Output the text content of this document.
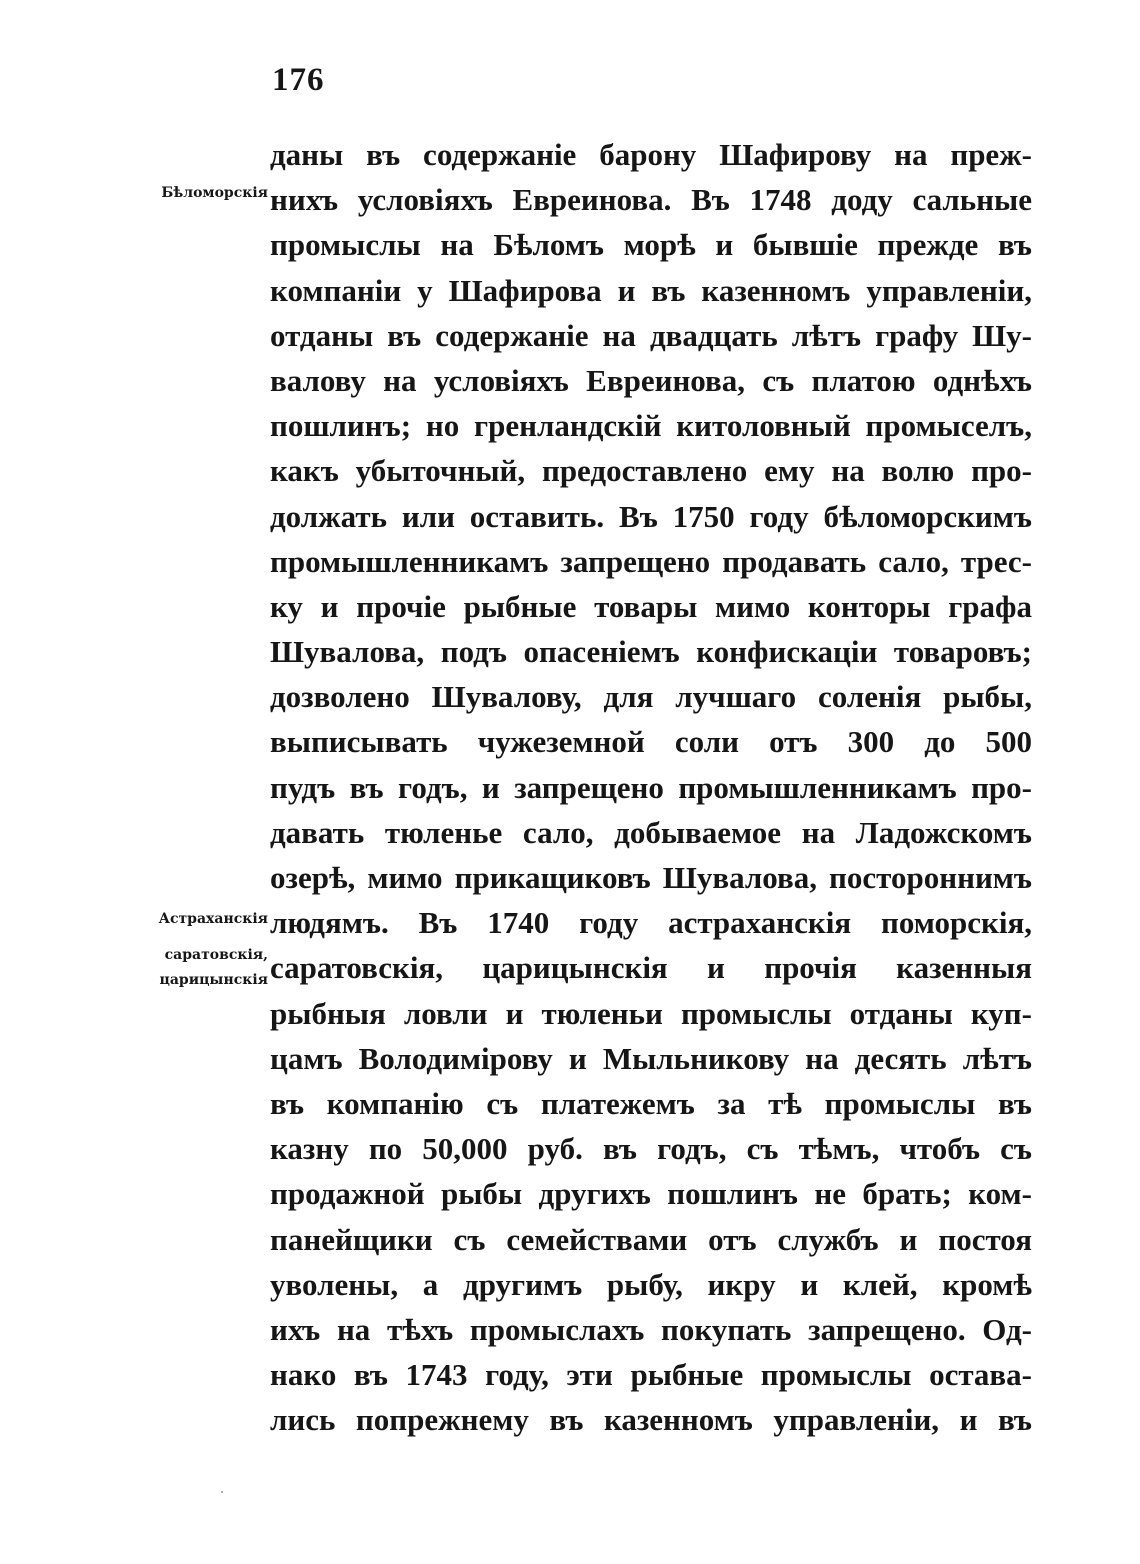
176
Бѣломорскія
Астраханскія
саратовскія,
царицынскія
даны въ содержаніе барону Шафирову на преж-
нихъ условіяхъ Евреинова. Въ 1748 доду сальные
промыслы на Бѣломъ морѣ и бывшіе прежде въ
компаніи у Шафирова и въ казенномъ управленіи,
отданы въ содержаніе на двадцать лѣтъ графу Шу-
валову на условіяхъ Евреинова, съ платою однѣхъ
пошлинъ; но гренландскій китоловный промыселъ,
какъ убыточный, предоставлено ему на волю про-
должать или оставить. Въ 1750 году бѣломорскимъ
промышленникамъ запрещено продавать сало, трес-
ку и прочіе рыбные товары мимо конторы графа
Шувалова, подъ опасеніемъ конфискаціи товаровъ;
дозволено Шувалову, для лучшаго соленія рыбы,
выписывать чужеземной соли отъ 300 до 500
пудъ въ годъ, и запрещено промышленникамъ про-
давать тюленье сало, добываемое на Ладожскомъ
озерѣ, мимо прикащиковъ Шувалова, постороннимъ
людямъ. Въ 1740 году астраханскія поморскія,
саратовскія, царицынскія и прочія казенныя
рыбныя ловли и тюленьи промыслы отданы куп-
цамъ Володимірову и Мыльникову на десять лѣтъ
въ компанію съ платежемъ за тѣ промыслы въ
казну по 50,000 руб. въ годъ, съ тѣмъ, чтобъ съ
продажной рыбы другихъ пошлинъ не брать; ком-
панейщики съ семействами отъ службъ и постоя
уволены, а другимъ рыбу, икру и клей, кромѣ
ихъ на тѣхъ промыслахъ покупать запрещено. Од-
нако въ 1743 году, эти рыбные промыслы остава-
лись попрежнему въ казенномъ управленіи, и въ
